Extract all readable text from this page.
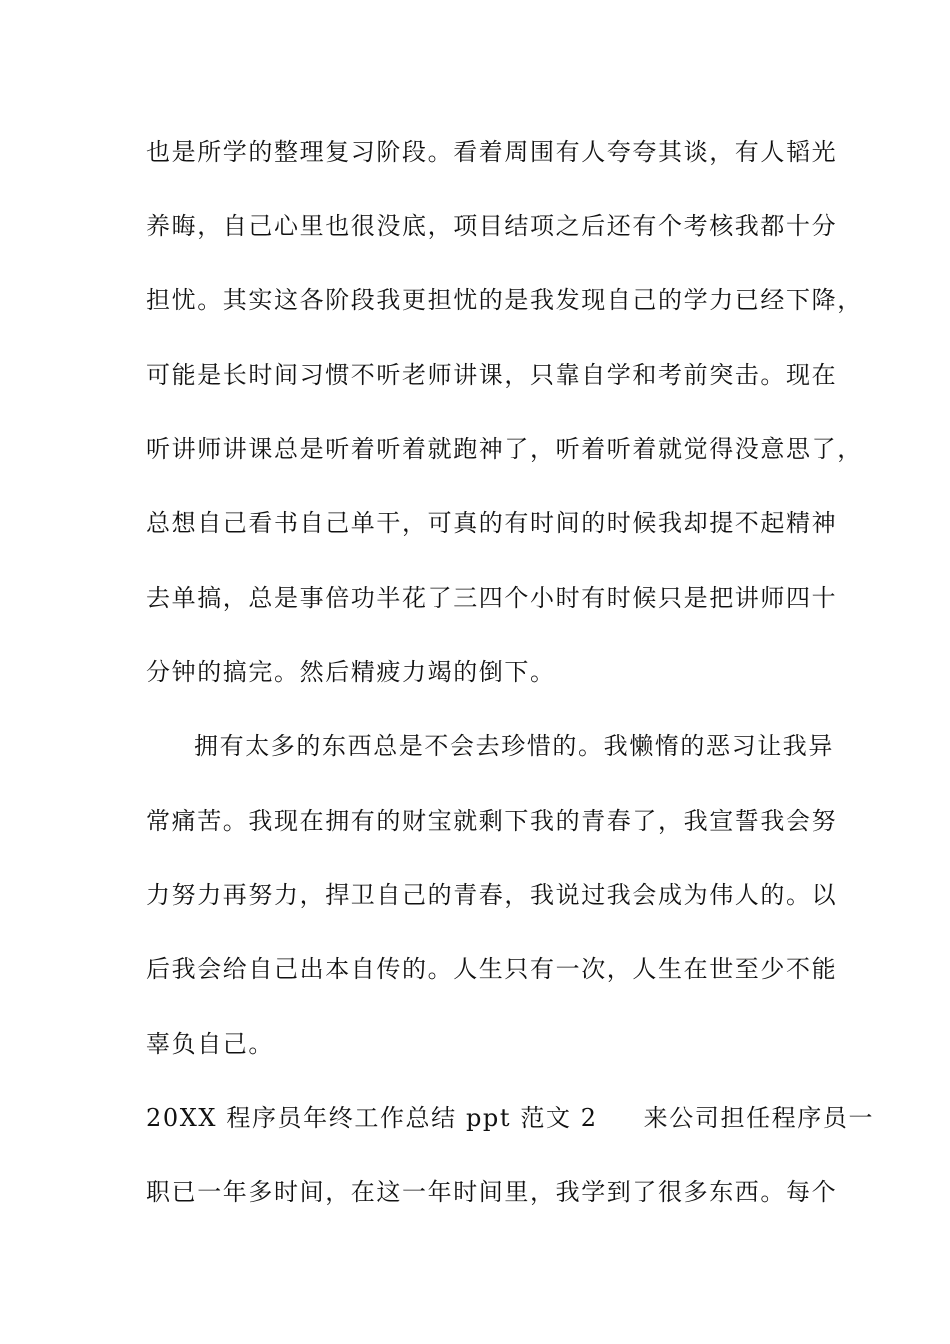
也是所学的整理复习阶段。看着周围有人夸夸其谈，有人韬光
养晦，自己心里也很没底，项目结项之后还有个考核我都十分
担忧。其实这各阶段我更担忧的是我发现自己的学力已经下降，
可能是长时间习惯不听老师讲课，只靠自学和考前突击。现在
听讲师讲课总是听着听着就跑神了，听着听着就觉得没意思了，
总想自己看书自己单干，可真的有时间的时候我却提不起精神
去单搞，总是事倍功半花了三四个小时有时候只是把讲师四十
分钟的搞完。然后精疲力竭的倒下。
拥有太多的东西总是不会去珍惜的。我懒惰的恶习让我异
常痛苦。我现在拥有的财宝就剩下我的青春了，我宣誓我会努
力努力再努力，捍卫自己的青春，我说过我会成为伟人的。以
后我会给自己出本自传的。人生只有一次，人生在世至少不能
辜负自己。
20XX 程序员年终工作总结 ppt 范文 2 来公司担任程序员一
职已一年多时间，在这一年时间里，我学到了很多东西。每个
